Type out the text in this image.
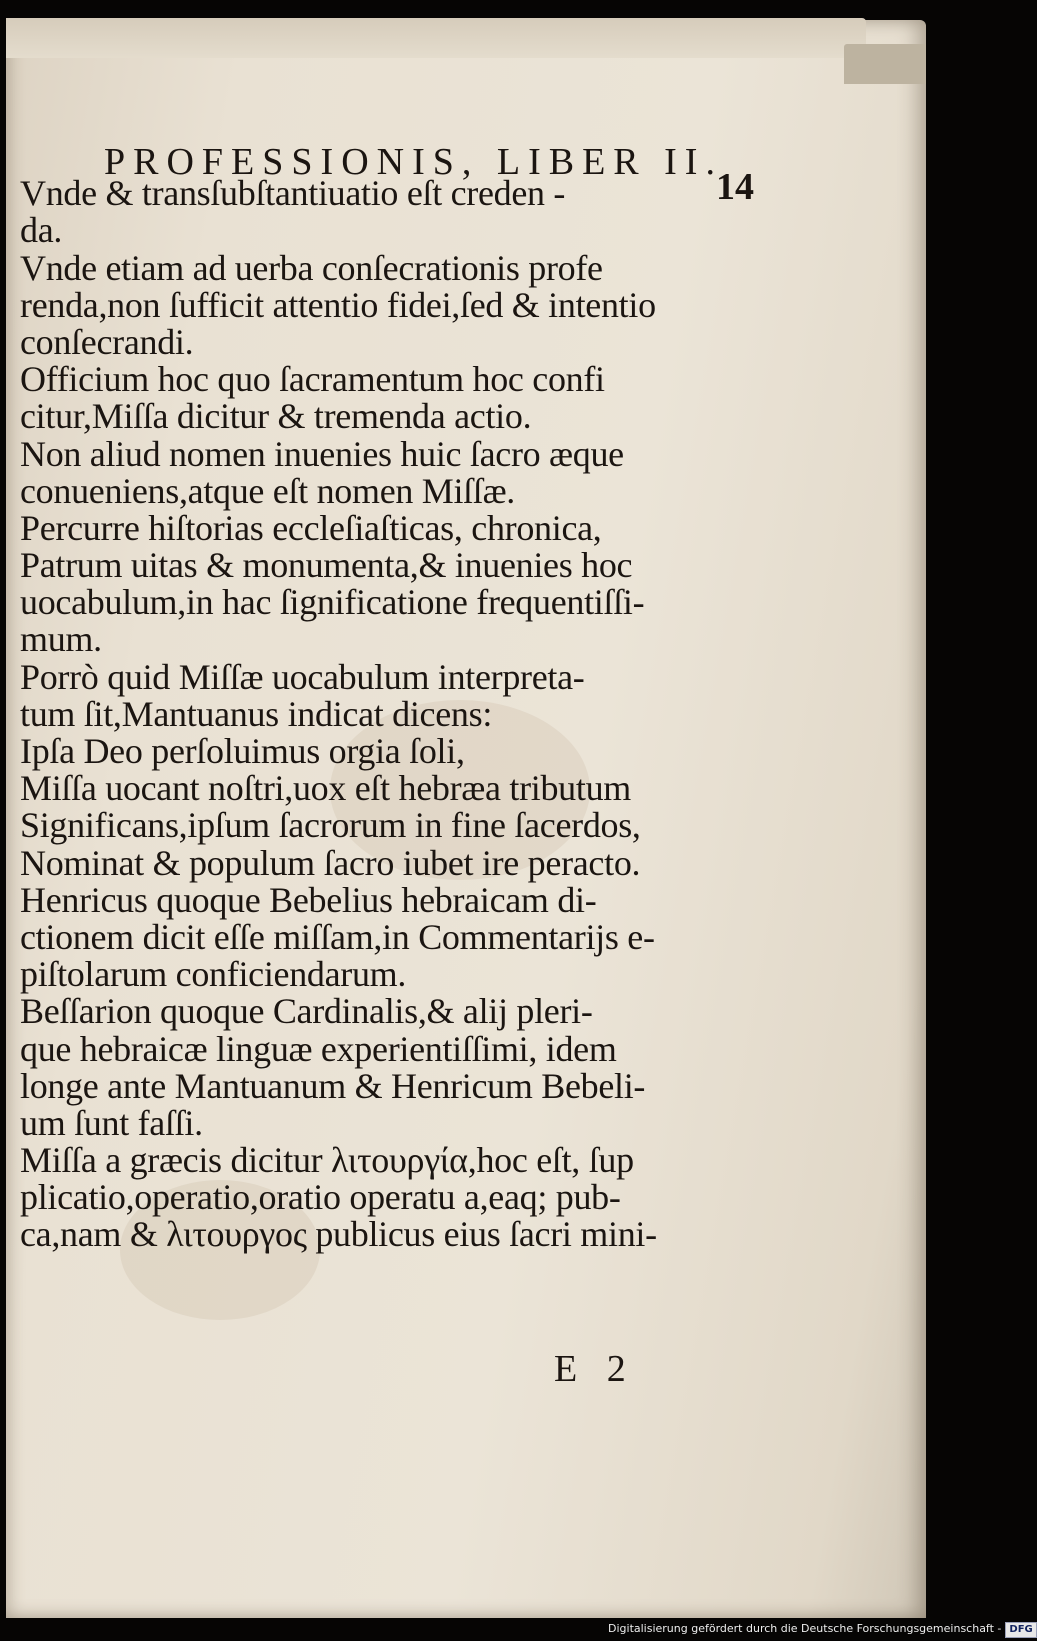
PROFESSIONIS, LIBER II.
14
Vnde & transſubſtantiuatio eſt creden -
da.
Vnde etiam ad uerba conſecrationis profe
renda,non ſufficit attentio fidei,ſed & intentio
conſecrandi.
Officium hoc quo ſacramentum hoc confi
citur,Miſſa dicitur & tremenda actio.
Non aliud nomen inuenies huic ſacro æque
conueniens,atque eſt nomen Miſſæ.
Percurre hiſtorias eccleſiaſticas, chronica,
Patrum uitas & monumenta,& inuenies hoc
uocabulum,in hac ſignificatione frequentiſſi-
mum.
Porrò quid Miſſæ uocabulum interpreta-
tum ſit,Mantuanus indicat dicens:
Ipſa Deo perſoluimus orgia ſoli,
Miſſa uocant noſtri,uox eſt hebræa tributum
Significans,ipſum ſacrorum in fine ſacerdos,
Nominat & populum ſacro iubet ire peracto.
Henricus quoque Bebelius hebraicam di-
ctionem dicit eſſe miſſam,in Commentarijs e-
piſtolarum conficiendarum.
Beſſarion quoque Cardinalis,& alij pleri-
que hebraicæ linguæ experientiſſimi, idem
longe ante Mantuanum & Henricum Bebeli-
um ſunt faſſi.
Miſſa a græcis dicitur λιτουργία,hoc eſt, ſup
plicatio,operatio,oratio operatu a,eaq; pub-
ca,nam & λιτουργος publicus eius ſacri mini-
E 2
Digitalisierung gefördert durch die Deutsche Forschungsgemeinschaft - DFG
